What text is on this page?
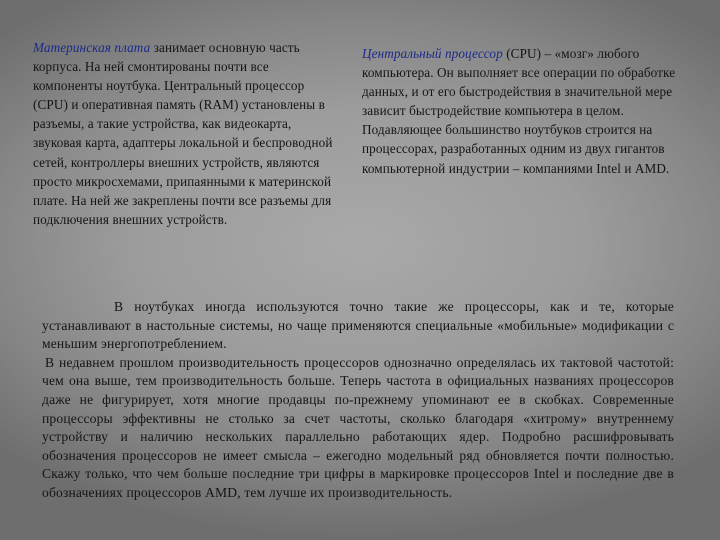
Материнская плата занимает основную часть корпуса. На ней смонтированы почти все компоненты ноутбука. Центральный процессор (CPU) и оперативная память (RAM) установлены в разъемы, а такие устройства, как видеокарта, звуковая карта, адаптеры локальной и беспроводной сетей, контроллеры внешних устройств, являются просто микросхемами, припаянными к материнской плате. На ней же закреплены почти все разъемы для подключения внешних устройств.
Центральный процессор (CPU) – «мозг» любого компьютера. Он выполняет все операции по обработке данных, и от его быстродействия в значительной мере зависит быстродействие компьютера в целом. Подавляющее большинство ноутбуков строится на процессорах, разработанных одним из двух гигантов компьютерной индустрии – компаниями Intel и AMD.

В ноутбуках иногда используются точно такие же процессоры, как и те, которые устанавливают в настольные системы, но чаще применяются специальные «мобильные» модификации с меньшим энергопотреблением.

В недавнем прошлом производительность процессоров однозначно определялась их тактовой частотой: чем она выше, тем производительность больше. Теперь частота в официальных названиях процессоров даже не фигурирует, хотя многие продавцы по-прежнему упоминают ее в скобках. Современные процессоры эффективны не столько за счет частоты, сколько благодаря «хитрому» внутреннему устройству и наличию нескольких параллельно работающих ядер. Подробно расшифровывать обозначения процессоров не имеет смысла – ежегодно модельный ряд обновляется почти полностью. Скажу только, что чем больше последние три цифры в маркировке процессоров Intel и последние две в обозначениях процессоров AMD, тем лучше их производительность.
